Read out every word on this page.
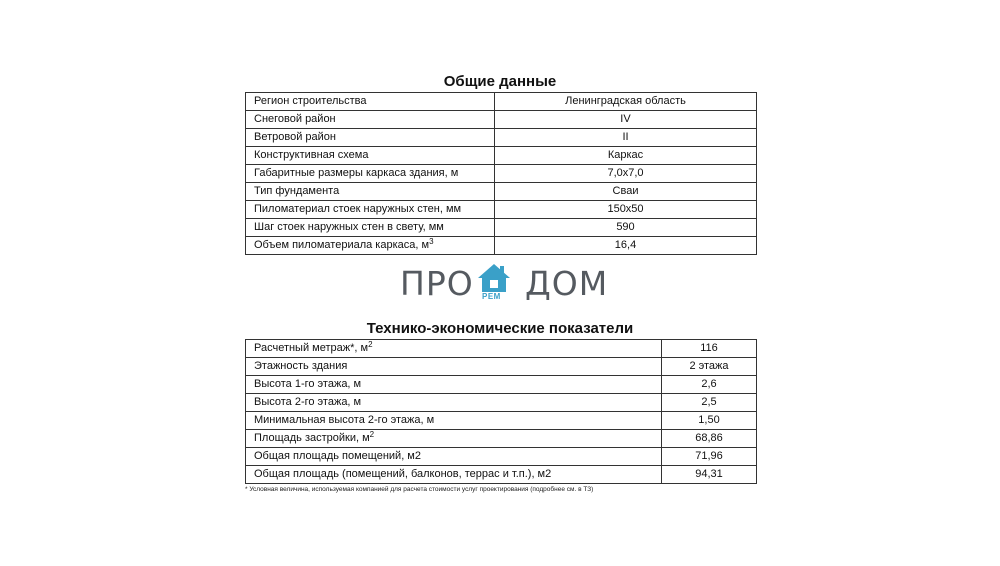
Общие данные
Регион строительства	Ленинградская область
Снеговой район	IV
Ветровой район	II
Конструктивная схема	Каркас
Габаритные размеры каркаса здания, м	7,0х7,0
Тип фундамента	Сваи
Пиломатериал стоек наружных стен, мм	150х50
Шаг стоек наружных стен в свету, мм	590
Объем пиломатериала каркаса, $м^3$	16,4
ПРО РЕМ ДОМ
Технико-экономические показатели
Расчетный метраж*, $м^2$	116
Этажность здания	2 этажа
Высота 1-го этажа, м	2,6
Высота 2-го этажа, м	2,5
Минимальная высота 2-го этажа, м	1,50
Площадь застройки, $м^2$	68,86
Общая площадь помещений, м2	71,96
Общая площадь (помещений, балконов, террас и т.п.), м2	94,31
* Условная величина, используемая компанией для расчета стоимости услуг проектирования (подробнее см. в ТЗ)
